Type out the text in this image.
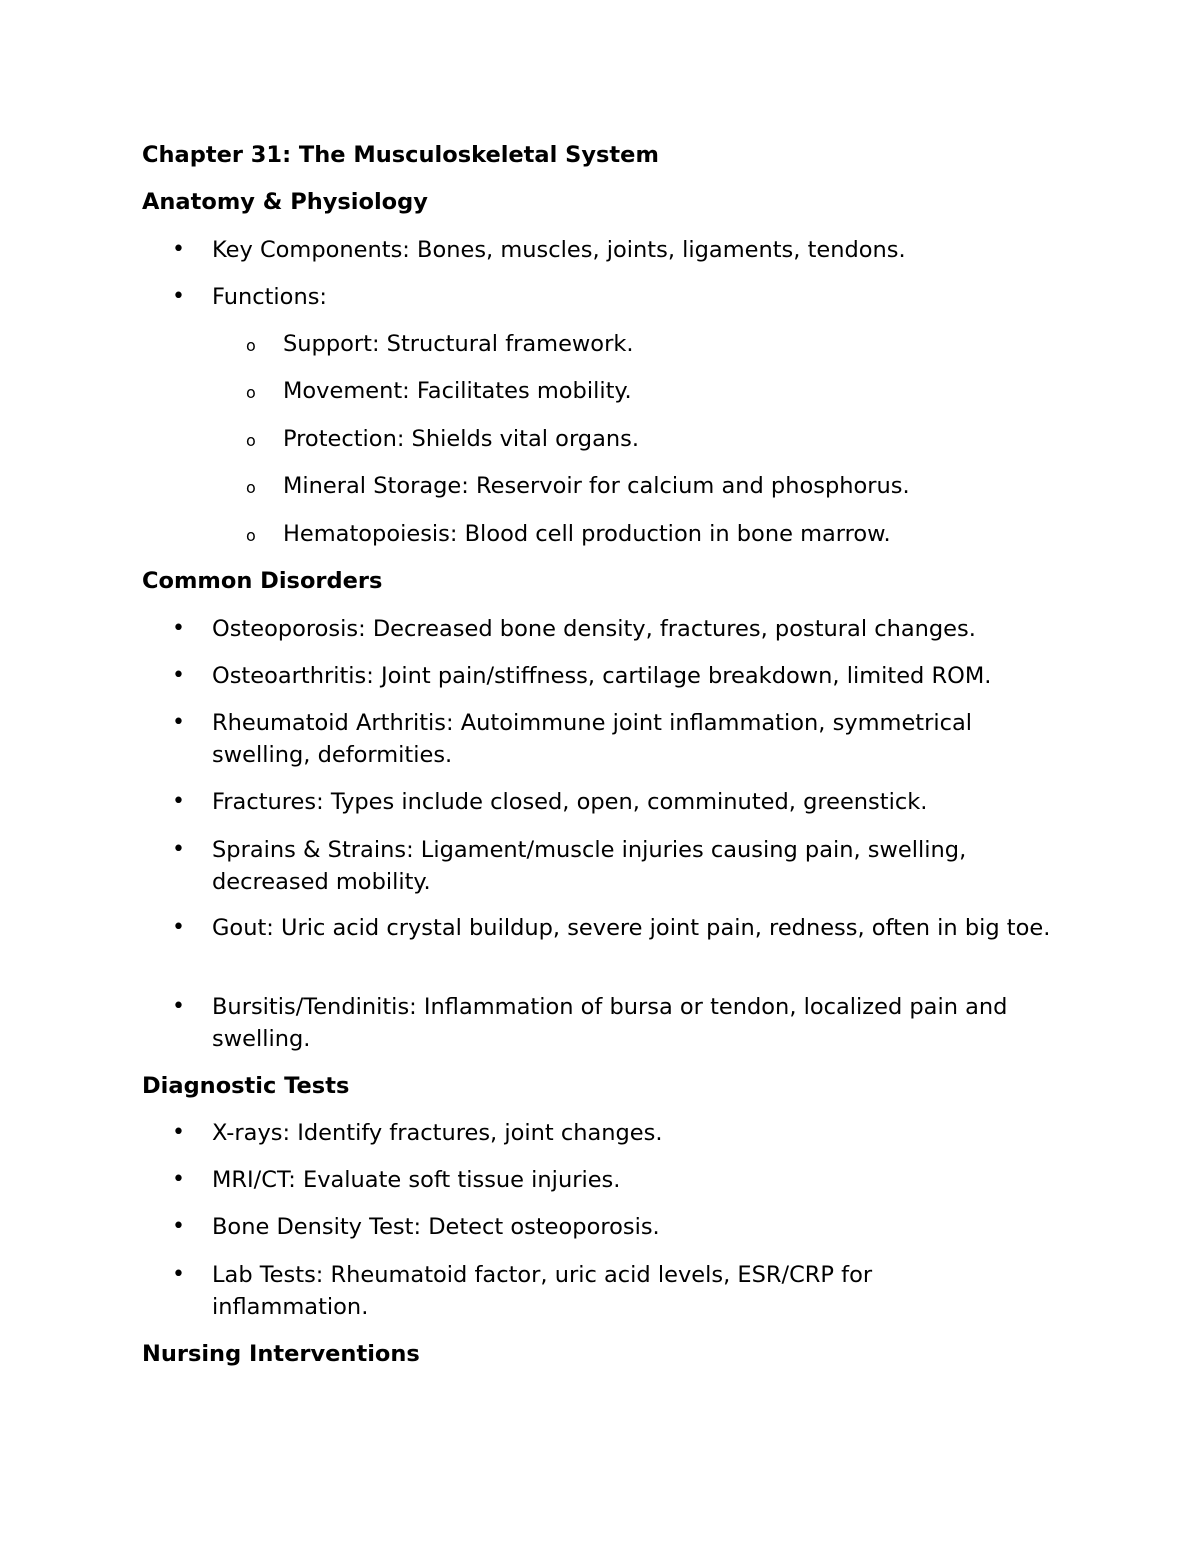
Chapter 31: The Musculoskeletal System
Anatomy & Physiology
• Key Components: Bones, muscles, joints, ligaments, tendons.
• Functions:
o Support: Structural framework.
o Movement: Facilitates mobility.
o Protection: Shields vital organs.
o Mineral Storage: Reservoir for calcium and phosphorus.
o Hematopoiesis: Blood cell production in bone marrow.
Common Disorders
• Osteoporosis: Decreased bone density, fractures, postural changes.
• Osteoarthritis: Joint pain/stiffness, cartilage breakdown, limited ROM.
• Rheumatoid Arthritis: Autoimmune joint inflammation, symmetrical swelling, deformities.
• Fractures: Types include closed, open, comminuted, greenstick.
• Sprains & Strains: Ligament/muscle injuries causing pain, swelling, decreased mobility.
• Gout: Uric acid crystal buildup, severe joint pain, redness, often in big toe.
• Bursitis/Tendinitis: Inflammation of bursa or tendon, localized pain and swelling.
Diagnostic Tests
• X-rays: Identify fractures, joint changes.
• MRI/CT: Evaluate soft tissue injuries.
• Bone Density Test: Detect osteoporosis.
• Lab Tests: Rheumatoid factor, uric acid levels, ESR/CRP for inflammation.
Nursing Interventions
